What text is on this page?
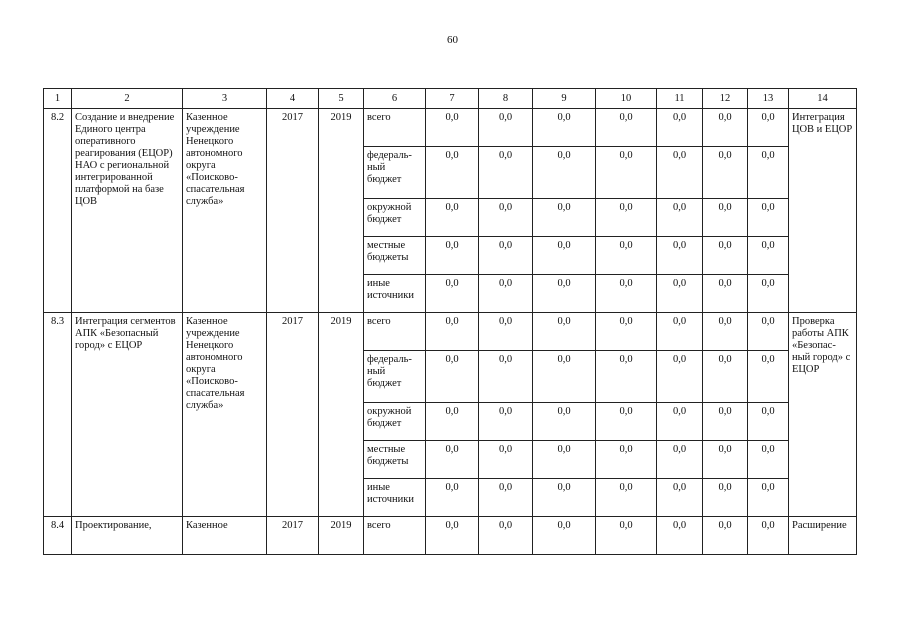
60
1	2	3	4	5	6	7	8	9	10	11	12	13	14
8.2	Создание и внедрение Единого центра оперативного реагирования (ЕЦОР) НАО с региональной интегрированной платформой на базе ЦОВ	Казенное учреждение Ненецкого автономного округа «Поисково-спасательная служба»	2017	2019	всего	0,0	0,0	0,0	0,0	0,0	0,0	0,0	Интеграция ЦОВ и ЕЦОР
					федераль-ный бюджет	0,0	0,0	0,0	0,0	0,0	0,0	0,0	
					окружной бюджет	0,0	0,0	0,0	0,0	0,0	0,0	0,0	
					местные бюджеты	0,0	0,0	0,0	0,0	0,0	0,0	0,0	
					иные источники	0,0	0,0	0,0	0,0	0,0	0,0	0,0	
8.3	Интеграция сегментов АПК «Безопасный город» с ЕЦОР	Казенное учреждение Ненецкого автономного округа «Поисково-спасательная служба»	2017	2019	всего	0,0	0,0	0,0	0,0	0,0	0,0	0,0	Проверка работы АПК «Безопас-ный город» с ЕЦОР
					федераль-ный бюджет	0,0	0,0	0,0	0,0	0,0	0,0	0,0	
					окружной бюджет	0,0	0,0	0,0	0,0	0,0	0,0	0,0	
					местные бюджеты	0,0	0,0	0,0	0,0	0,0	0,0	0,0	
					иные источники	0,0	0,0	0,0	0,0	0,0	0,0	0,0	
8.4	Проектирование,	Казенное	2017	2019	всего	0,0	0,0	0,0	0,0	0,0	0,0	0,0	Расширение
